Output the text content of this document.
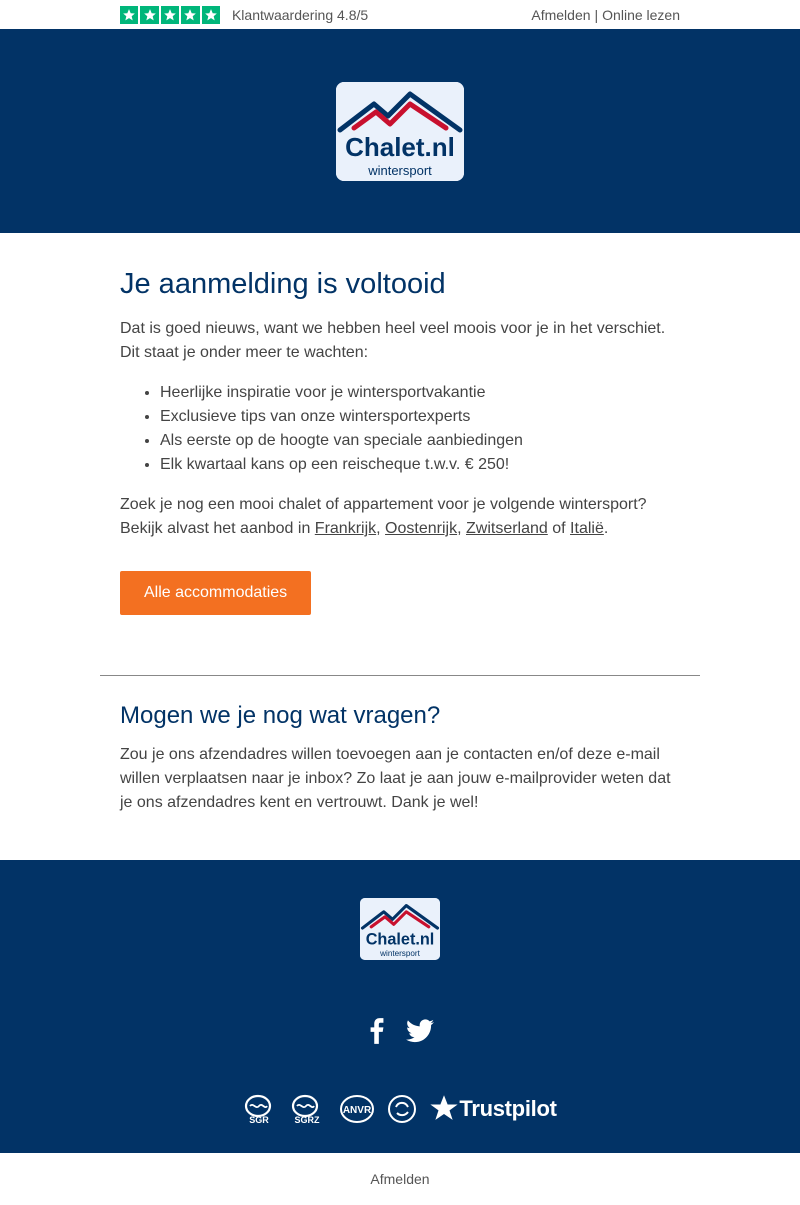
Klantwaardering 4.8/5	Afmelden | Online lezen
Chalet.nl
wintersport
Je aanmelding is voltooid

Dat is goed nieuws, want we hebben heel veel moois voor je in het verschiet. Dit staat je onder meer te wachten:

• Heerlijke inspiratie voor je wintersportvakantie
• Exclusieve tips van onze wintersportexperts
• Als eerste op de hoogte van speciale aanbiedingen
• Elk kwartaal kans op een reischeque t.w.v. € 250!

Zoek je nog een mooi chalet of appartement voor je volgende wintersport?
Bekijk alvast het aanbod in Frankrijk, Oostenrijk, Zwitserland of Italië.

Alle accommodaties
Mogen we je nog wat vragen?

Zou je ons afzendadres willen toevoegen aan je contacten en/of deze e-mail willen verplaatsen naar je inbox? Zo laat je aan jouw e-mailprovider weten dat je ons afzendadres kent en vertrouwt. Dank je wel!

Chalet.nl
wintersport
SGR	SGRZ
ANVR	Trustpilot
Afmelden
